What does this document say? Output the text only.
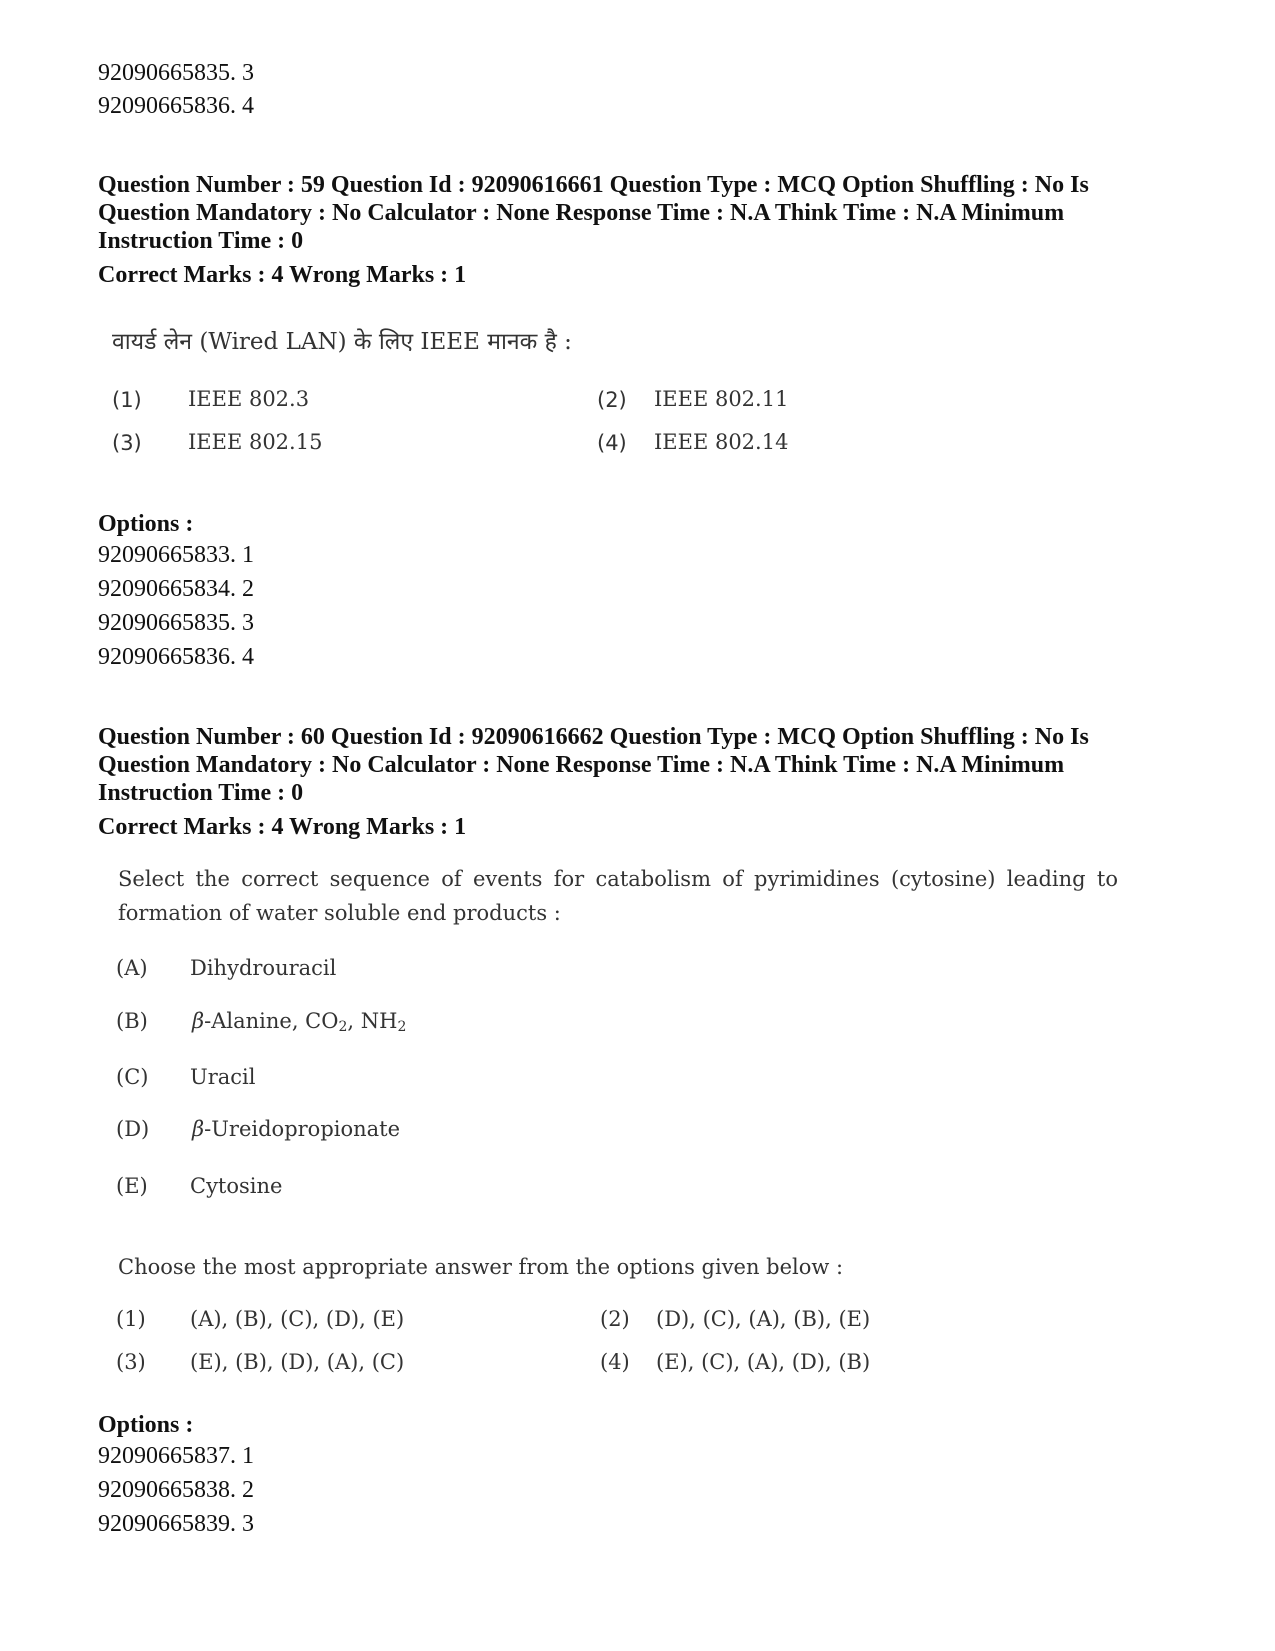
92090665835. 3
92090665836. 4
Question Number : 59 Question Id : 92090616661 Question Type : MCQ Option Shuffling : No Is
Question Mandatory : No Calculator : None Response Time : N.A Think Time : N.A Minimum
Instruction Time : 0
Correct Marks : 4 Wrong Marks : 1
वायर्ड लेन (Wired LAN) के लिए IEEE मानक है :
(1) IEEE 802.3	(2) IEEE 802.11
(3) IEEE 802.15	(4) IEEE 802.14
Options :
92090665833. 1
92090665834. 2
92090665835. 3
92090665836. 4
Question Number : 60 Question Id : 92090616662 Question Type : MCQ Option Shuffling : No Is
Question Mandatory : No Calculator : None Response Time : N.A Think Time : N.A Minimum
Instruction Time : 0
Correct Marks : 4 Wrong Marks : 1
Select the correct sequence of events for catabolism of pyrimidines (cytosine) leading to formation of water soluble end products :
(A) Dihydrouracil
(B) β-Alanine, $CO_2$, $NH_2$
(C) Uracil
(D) β-Ureidopropionate
(E) Cytosine
Choose the most appropriate answer from the options given below :
(1) (A), (B), (C), (D), (E)	(2) (D), (C), (A), (B), (E)
(3) (E), (B), (D), (A), (C)	(4) (E), (C), (A), (D), (B)
Options :
92090665837. 1
92090665838. 2
92090665839. 3
